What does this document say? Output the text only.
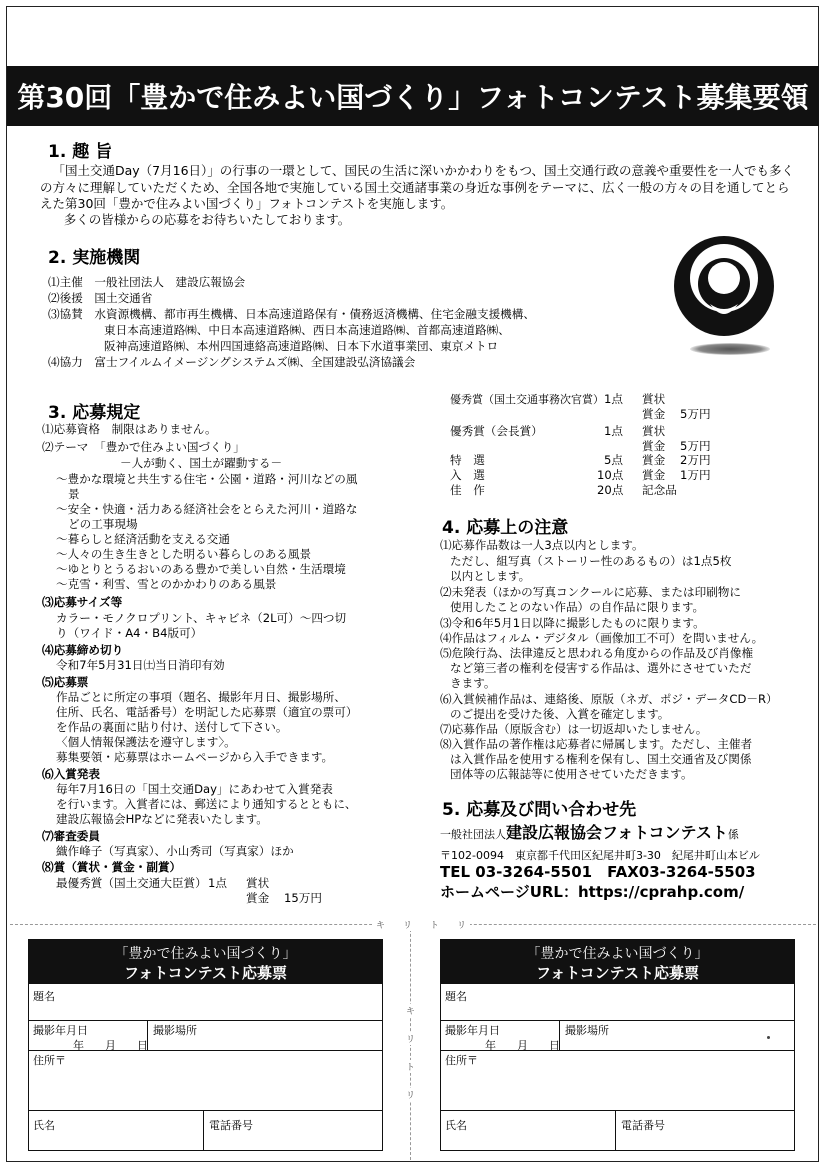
第30回「豊かで住みよい国づくり」フォトコンテスト募集要領
1. 趣 旨
「国土交通Day（7月16日）」の行事の一環として、国民の生活に深いかかわりをもつ、国土交通行政の意義や重要性を一人でも多くの方々に理解していただくため、全国各地で実施している国土交通諸事業の身近な事例をテーマに、広く一般の方々の目を通してとらえた第30回「豊かで住みよい国づくり」フォトコンテストを実施します。
多くの皆様からの応募をお待ちいたしております。
2. 実施機関
⑴主催　一般社団法人　建設広報協会
⑵後援　国土交通省
⑶協賛　水資源機構、都市再生機構、日本高速道路保有・債務返済機構、住宅金融支援機構、
東日本高速道路㈱、中日本高速道路㈱、西日本高速道路㈱、首都高速道路㈱、
阪神高速道路㈱、本州四国連絡高速道路㈱、日本下水道事業団、東京メトロ
⑷協力　富士フイルムイメージングシステムズ㈱、全国建設弘済協議会
3. 応募規定
⑴応募資格　制限はありません。
⑵テーマ　「豊かで住みよい国づくり」
－人が動く、国土が躍動する－
～豊かな環境と共生する住宅・公園・道路・河川などの風
景
～安全・快適・活力ある経済社会をとらえた河川・道路な
どの工事現場
～暮らしと経済活動を支える交通
～人々の生き生きとした明るい暮らしのある風景
～ゆとりとうるおいのある豊かで美しい自然・生活環境
～克雪・利雪、雪とのかかわりのある風景
⑶応募サイズ等
カラー・モノクロプリント、キャビネ（2L可）～四つ切
り（ワイド・A4・B4版可）
⑷応募締め切り
令和7年5月31日㈯当日消印有効
⑸応募票
作品ごとに所定の事項（題名、撮影年月日、撮影場所、
住所、氏名、電話番号）を明記した応募票（適宜の票可）
を作品の裏面に貼り付け、送付して下さい。
〈個人情報保護法を遵守します〉。
募集要領・応募票はホームページから入手できます。
⑹入賞発表
毎年7月16日の「国土交通Day」にあわせて入賞発表
を行います。入賞者には、郵送により通知するとともに、
建設広報協会HPなどに発表いたします。
⑺審査委員
織作峰子（写真家）、小山秀司（写真家）ほか
⑻賞（賞状・賞金・副賞）
最優秀賞（国土交通大臣賞） 1点 賞状
賞金 15万円
優秀賞（国土交通事務次官賞） 1点 賞状
賞金 5万円
優秀賞（会長賞）	1点 賞状
賞金 5万円
特　選	5点 賞金 2万円
入　選	10点 賞金 1万円
佳　作	20点 記念品
4. 応募上の注意
⑴応募作品数は一人3点以内とします。
ただし、組写真（ストーリー性のあるもの）は1点5枚
以内とします。
⑵未発表（ほかの写真コンクールに応募、または印刷物に
使用したことのない作品）の自作品に限ります。
⑶令和6年5月1日以降に撮影したものに限ります。
⑷作品はフィルム・デジタル（画像加工不可）を問いません。
⑸危険行為、法律違反と思われる角度からの作品及び肖像権
など第三者の権利を侵害する作品は、選外にさせていただ
きます。
⑹入賞候補作品は、連絡後、原版（ネガ、ポジ・データCD－R）
のご提出を受けた後、入賞を確定します。
⑺応募作品（原版含む）は一切返却いたしません。
⑻入賞作品の著作権は応募者に帰属します。ただし、主催者
は入賞作品を使用する権利を保有し、国土交通省及び関係
団体等の広報誌等に使用させていただきます。
5. 応募及び問い合わせ先
一般社団法人建設広報協会フォトコンテスト係
〒102-0094　東京都千代田区紀尾井町3-30　紀尾井町山本ビル
TEL 03-3264-5501　FAX03-3264-5503
ホームページURL：https://cprahp.com/
キ　　リ　　ト　　リ
キ
リ
ト
リ
「豊かで住みよい国づくり」
フォトコンテスト応募票
題名
撮影年月日	撮影場所
年 月 日
住所〒
氏名	電話番号
「豊かで住みよい国づくり」
フォトコンテスト応募票
題名
撮影年月日	撮影場所
年 月 日
住所〒
氏名	電話番号
